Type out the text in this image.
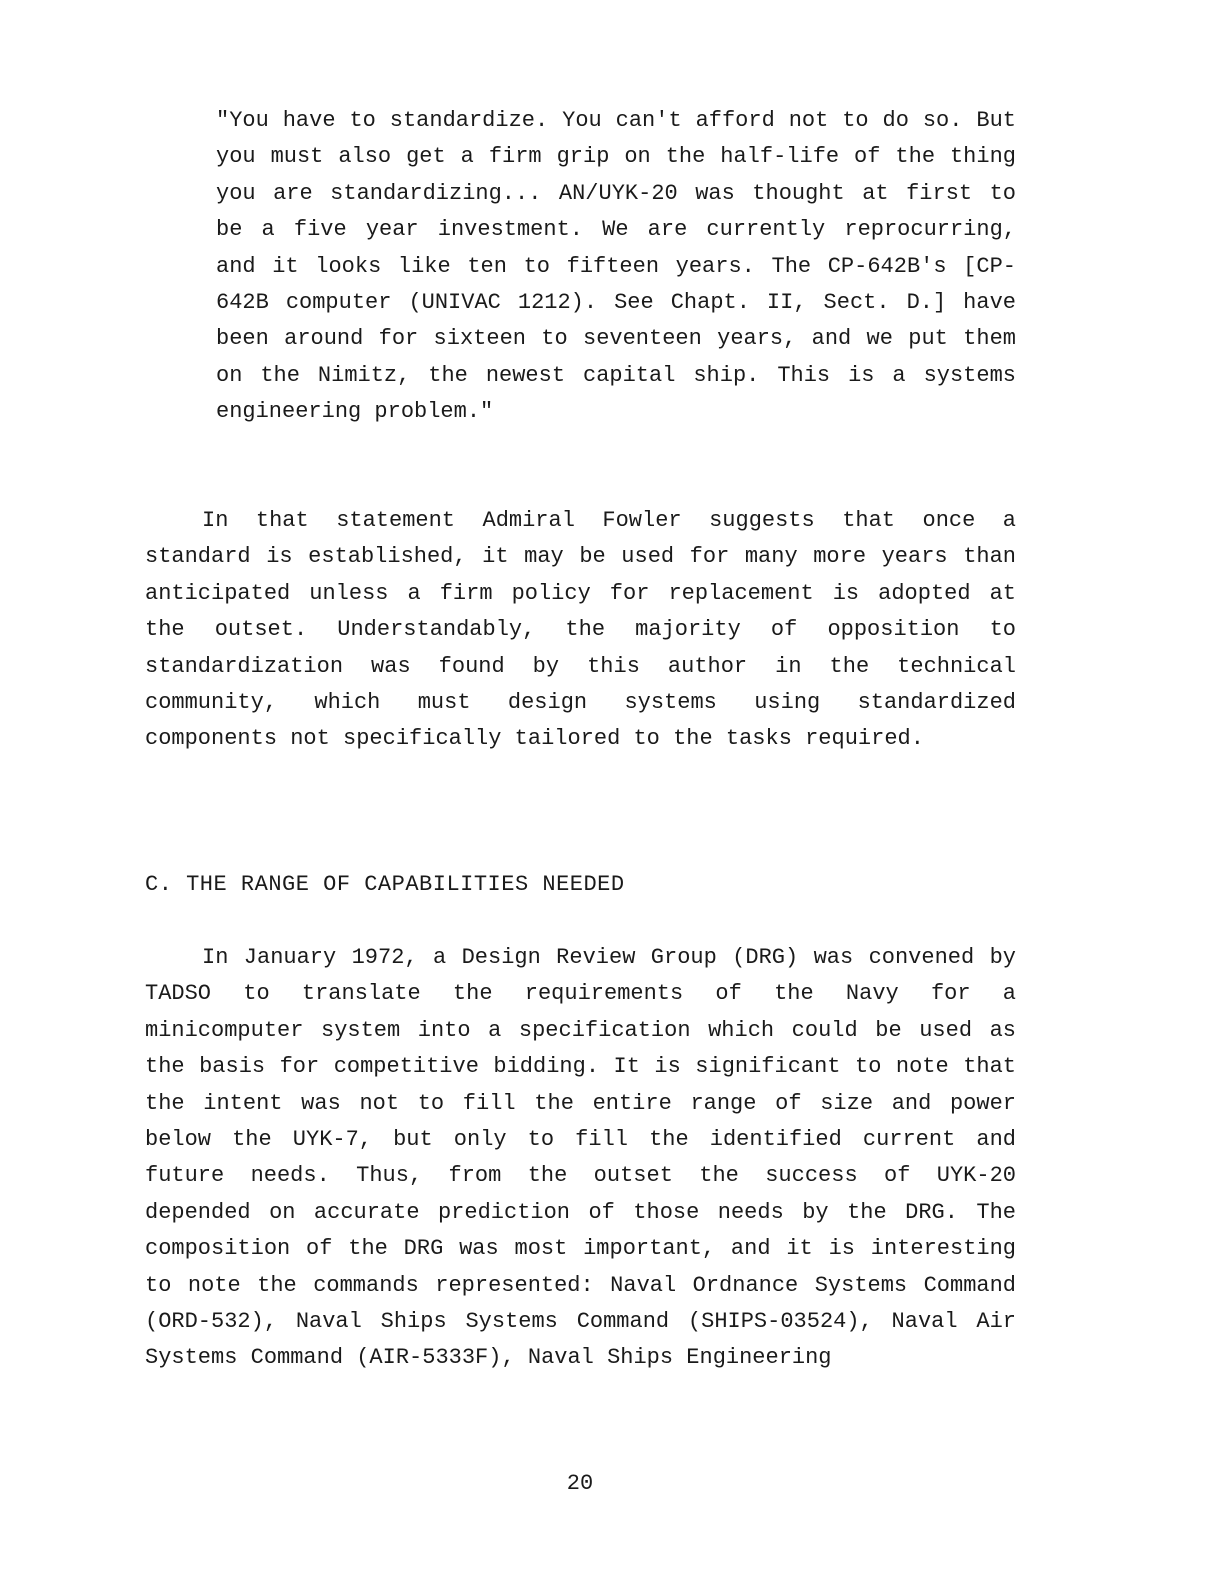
"You have to standardize. You can't afford not to do so. But you must also get a firm grip on the half-life of the thing you are standardizing... AN/UYK-20 was thought at first to be a five year investment. We are currently reprocurring, and it looks like ten to fifteen years. The CP-642B's [CP-642B computer (UNIVAC 1212). See Chapt. II, Sect. D.] have been around for sixteen to seventeen years, and we put them on the Nimitz, the newest capital ship. This is a systems engineering problem."

In that statement Admiral Fowler suggests that once a standard is established, it may be used for many more years than anticipated unless a firm policy for replacement is adopted at the outset. Understandably, the majority of opposition to standardization was found by this author in the technical community, which must design systems using standardized components not specifically tailored to the tasks required.

C. THE RANGE OF CAPABILITIES NEEDED

In January 1972, a Design Review Group (DRG) was convened by TADSO to translate the requirements of the Navy for a minicomputer system into a specification which could be used as the basis for competitive bidding. It is significant to note that the intent was not to fill the entire range of size and power below the UYK-7, but only to fill the identified current and future needs. Thus, from the outset the success of UYK-20 depended on accurate prediction of those needs by the DRG. The composition of the DRG was most important, and it is interesting to note the commands represented: Naval Ordnance Systems Command (ORD-532), Naval Ships Systems Command (SHIPS-03524), Naval Air Systems Command (AIR-5333F), Naval Ships Engineering

20
